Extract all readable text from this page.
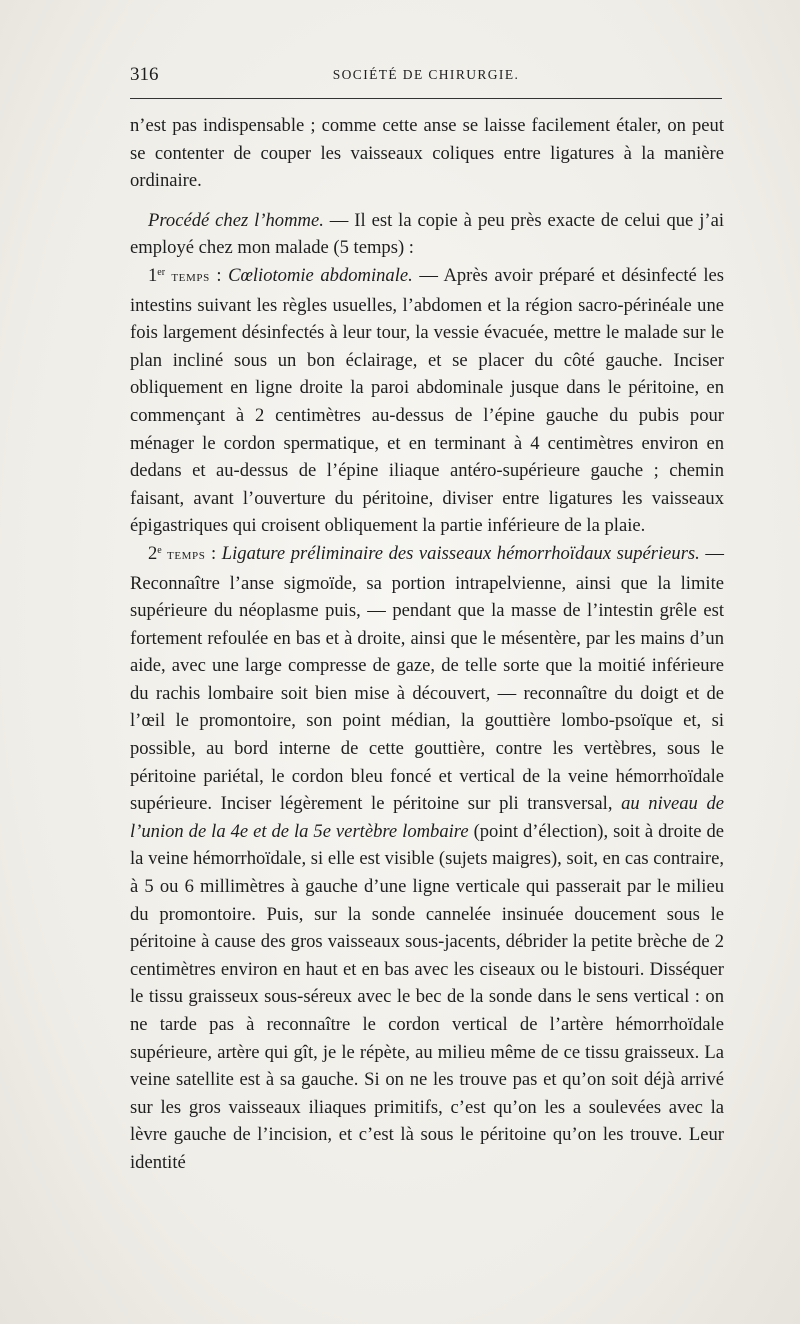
316	SOCIÉTÉ DE CHIRURGIE.

n’est pas indispensable ; comme cette anse se laisse facilement étaler, on peut se contenter de couper les vaisseaux coliques entre ligatures à la manière ordinaire.

Procédé chez l’homme. — Il est la copie à peu près exacte de celui que j’ai employé chez mon malade (5 temps) :

1er temps : Cœliotomie abdominale. — Après avoir préparé et désinfecté les intestins suivant les règles usuelles, l’abdomen et la région sacro-périnéale une fois largement désinfectés à leur tour, la vessie évacuée, mettre le malade sur le plan incliné sous un bon éclairage, et se placer du côté gauche. Inciser obliquement en ligne droite la paroi abdominale jusque dans le péritoine, en commençant à 2 centimètres au-dessus de l’épine gauche du pubis pour ménager le cordon spermatique, et en terminant à 4 centimètres environ en dedans et au-dessus de l’épine iliaque antéro-supérieure gauche ; chemin faisant, avant l’ouverture du péritoine, diviser entre ligatures les vaisseaux épigastriques qui croisent obliquement la partie inférieure de la plaie.

2e temps : Ligature préliminaire des vaisseaux hémorrhoïdaux supérieurs. — Reconnaître l’anse sigmoïde, sa portion intrapelvienne, ainsi que la limite supérieure du néoplasme puis, — pendant que la masse de l’intestin grêle est fortement refoulée en bas et à droite, ainsi que le mésentère, par les mains d’un aide, avec une large compresse de gaze, de telle sorte que la moitié inférieure du rachis lombaire soit bien mise à découvert, — reconnaître du doigt et de l’œil le promontoire, son point médian, la gouttière lombo-psoïque et, si possible, au bord interne de cette gouttière, contre les vertèbres, sous le péritoine pariétal, le cordon bleu foncé et vertical de la veine hémorrhoïdale supérieure. Inciser légèrement le péritoine sur pli transversal, au niveau de l’union de la 4e et de la 5e vertèbre lombaire (point d’élection), soit à droite de la veine hémorrhoïdale, si elle est visible (sujets maigres), soit, en cas contraire, à 5 ou 6 millimètres à gauche d’une ligne verticale qui passerait par le milieu du promontoire. Puis, sur la sonde cannelée insinuée doucement sous le péritoine à cause des gros vaisseaux sous-jacents, débrider la petite brèche de 2 centimètres environ en haut et en bas avec les ciseaux ou le bistouri. Disséquer le tissu graisseux sous-séreux avec le bec de la sonde dans le sens vertical : on ne tarde pas à reconnaître le cordon vertical de l’artère hémorrhoïdale supérieure, artère qui gît, je le répète, au milieu même de ce tissu graisseux. La veine satellite est à sa gauche. Si on ne les trouve pas et qu’on soit déjà arrivé sur les gros vaisseaux iliaques primitifs, c’est qu’on les a soulevées avec la lèvre gauche de l’incision, et c’est là sous le péritoine qu’on les trouve. Leur identité
